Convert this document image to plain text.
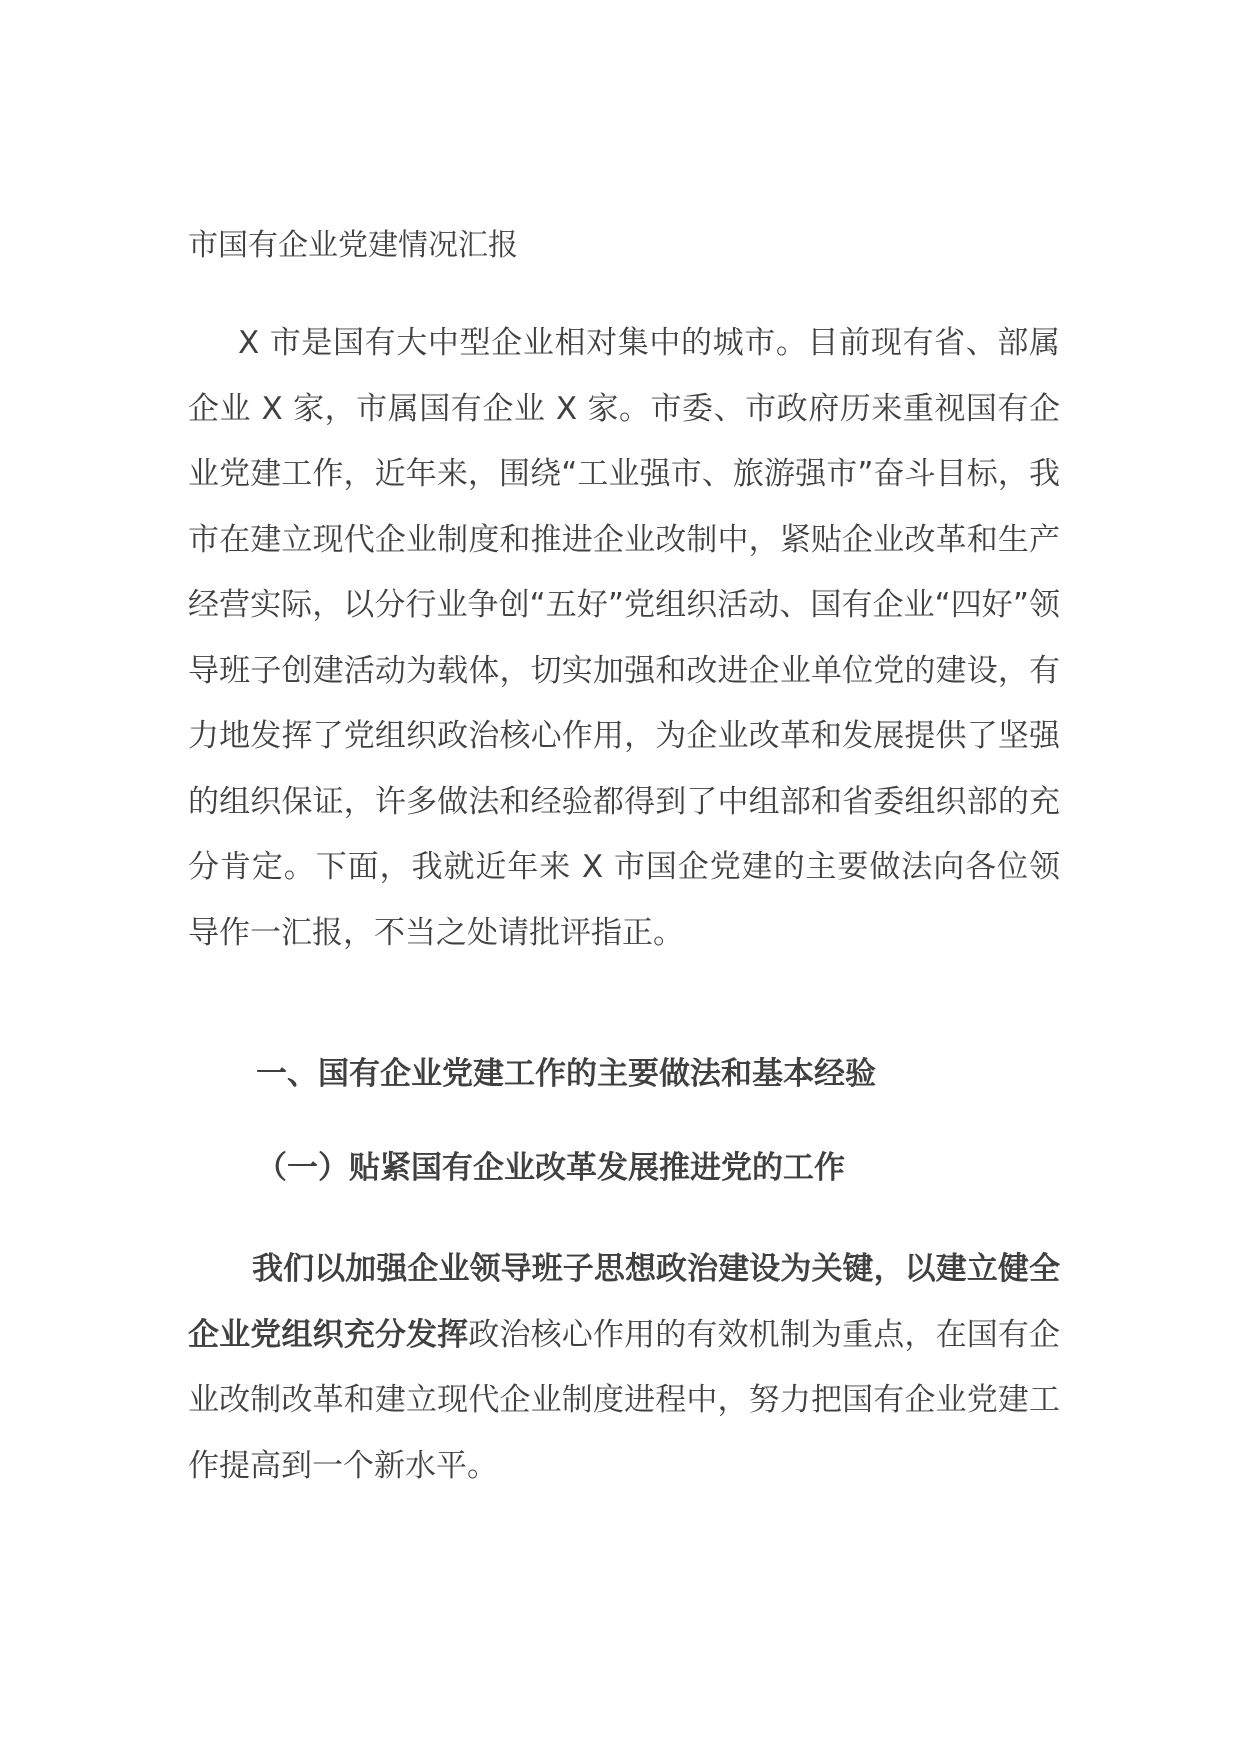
市国有企业党建情况汇报

X 市是国有大中型企业相对集中的城市。目前现有省、部属企业 X 家，市属国有企业 X 家。市委、市政府历来重视国有企业党建工作，近年来，围绕“工业强市、旅游强市”奋斗目标，我市在建立现代企业制度和推进企业改制中，紧贴企业改革和生产经营实际，以分行业争创“五好”党组织活动、国有企业“四好”领导班子创建活动为载体，切实加强和改进企业单位党的建设，有力地发挥了党组织政治核心作用，为企业改革和发展提供了坚强的组织保证，许多做法和经验都得到了中组部和省委组织部的充分肯定。下面，我就近年来 X 市国企党建的主要做法向各位领导作一汇报，不当之处请批评指正。

一、国有企业党建工作的主要做法和基本经验
（一）贴紧国有企业改革发展推进党的工作

我们以加强企业领导班子思想政治建设为关键，以建立健全企业党组织充分发挥政治核心作用的有效机制为重点，在国有企业改制改革和建立现代企业制度进程中，努力把国有企业党建工作提高到一个新水平。
